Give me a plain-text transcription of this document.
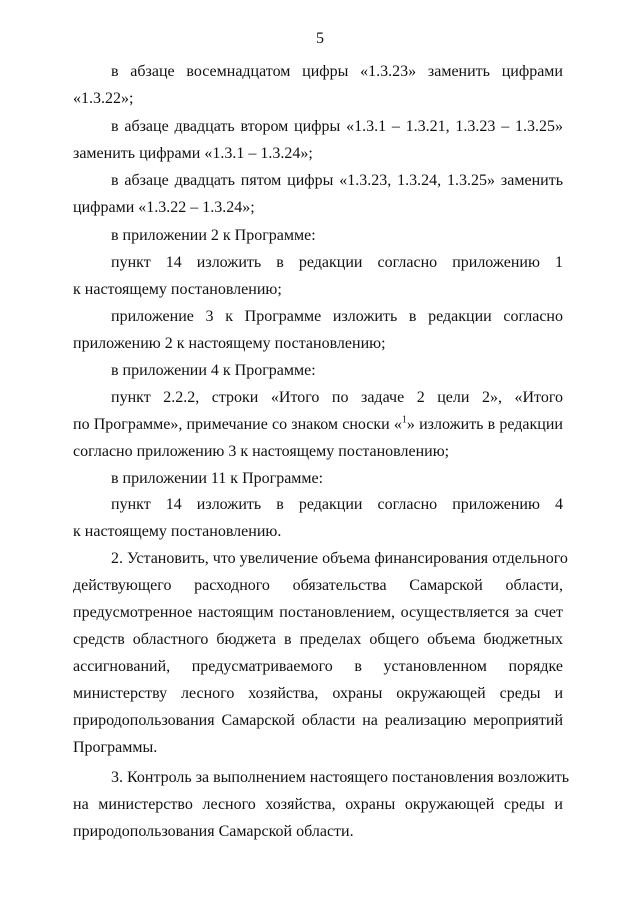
5

в абзаце восемнадцатом цифры «1.3.23» заменить цифрами
«1.3.22»;

в абзаце двадцать втором цифры «1.3.1 – 1.3.21, 1.3.23 – 1.3.25»
заменить цифрами «1.3.1 – 1.3.24»;

в абзаце двадцать пятом цифры «1.3.23, 1.3.24, 1.3.25» заменить
цифрами «1.3.22 – 1.3.24»;

в приложении 2 к Программе:

пункт 14 изложить в редакции согласно приложению 1
к настоящему постановлению;

приложение 3 к Программе изложить в редакции согласно
приложению 2 к настоящему постановлению;

в приложении 4 к Программе:

пункт 2.2.2, строки «Итого по задаче 2 цели 2», «Итого
по Программе», примечание со знаком сноски «$^1$» изложить в редакции
согласно приложению 3 к настоящему постановлению;

в приложении 11 к Программе:

пункт 14 изложить в редакции согласно приложению 4
к настоящему постановлению.

2. Установить, что увеличение объема финансирования отдельного
действующего расходного обязательства Самарской области,
предусмотренное настоящим постановлением, осуществляется за счет
средств областного бюджета в пределах общего объема бюджетных
ассигнований, предусматриваемого в установленном порядке
министерству лесного хозяйства, охраны окружающей среды и
природопользования Самарской области на реализацию мероприятий
Программы.

3. Контроль за выполнением настоящего постановления возложить
на министерство лесного хозяйства, охраны окружающей среды и
природопользования Самарской области.
